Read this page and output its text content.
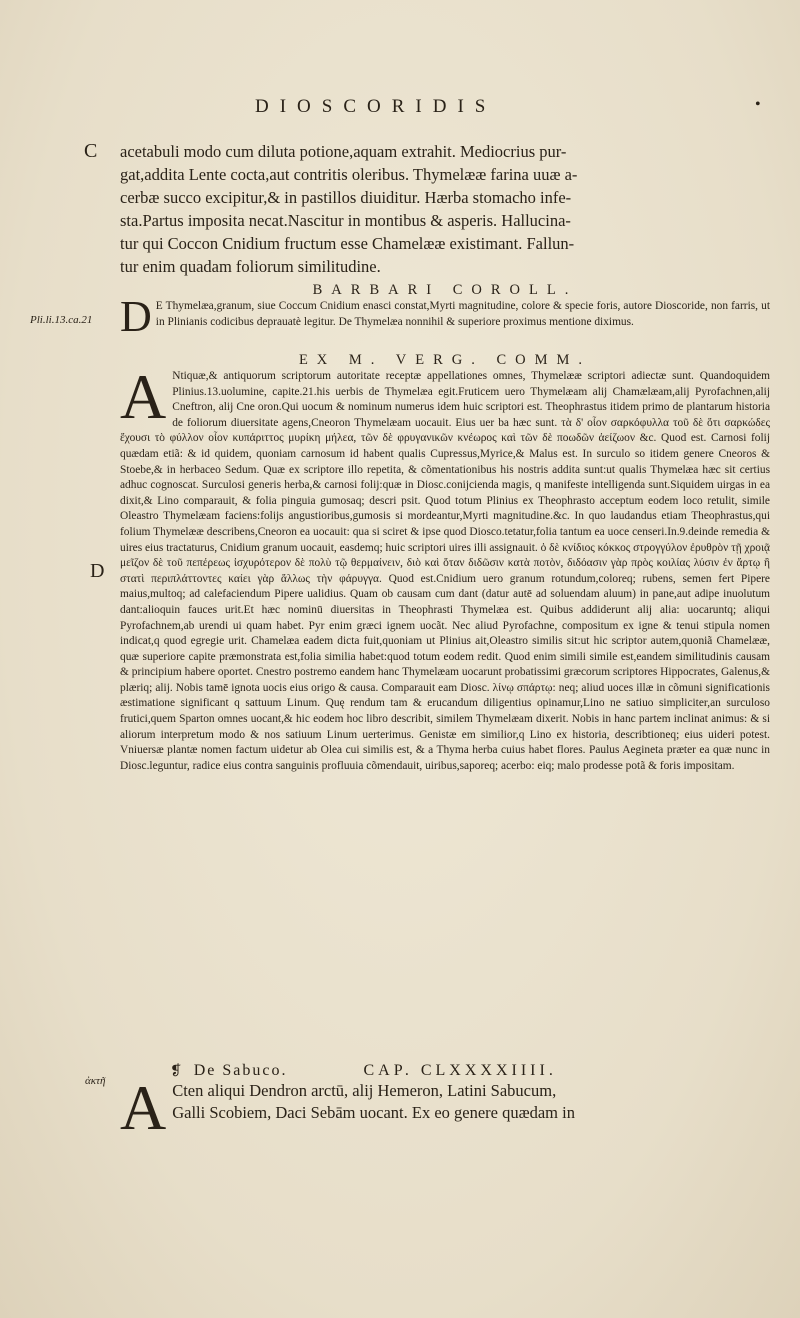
DIOSCORIDIS	•
C
D
Pli.li.13.ca.21
ἀκτῆ
acetabuli modo cum diluta potione,aquam extrahit. Mediocrius pur-
gat,addita Lente cocta,aut contritis oleribus. Thymelææ farina uuæ a-
cerbæ succo excipitur,& in pastillos diuiditur. Hærba stomacho infe-
sta.Partus imposita necat.Nascitur in montibus & asperis. Hallucina-
tur qui Coccon Cnidium fructum esse Chamelææ existimant. Fallun-
tur enim quadam foliorum similitudine.

BARBARI COROLL.

D E Thymelæa,granum, siue Coccum Cnidium enasci constat,Myrti magnitudine, colore & specie foris, autore Dioscoride, non farris, ut in Plinianis codicibus deprauatè legitur. De Thymelæa nonnihil & superiore proximus mentione diximus.

EX M. VERG. COMM.

A Ntiquæ,& antiquorum scriptorum autoritate receptæ appellationes omnes, Thymelææ scriptori adiectæ sunt. Quandoquidem Plinius.13.uolumine, capite.21.his uerbis de Thymelæa egit.Fruticem uero Thymelæam alij Chamælæam,alij Pyrofachnen,alij Cneftron, alij Cne oron.Qui uocum & nominum numerus idem huic scriptori est. Theophrastus itidem primo de plantarum historia de foliorum diuersitate agens,Cneoron Thymelæam uocauit. Eius uer ba hæc sunt. τὰ δ' οἷον σαρκόφυλλα τοῦ δὲ ὅτι σαρκώδες ἔχουσι τὸ φύλλον οἷον κυπάριττος μυρίκη μήλεα, τῶν δὲ φρυγανικῶν κνέωρος καὶ τῶν δὲ ποωδῶν ἀείζωον &c. Quod est. Carnosi folij quædam etiã: & id quidem, quoniam carnosum id habent qualis Cupressus,Myrice,& Malus est. In surculo so itidem genere Cneoros & Stoebe,& in herbaceo Sedum. Quæ ex scriptore illo repetita, & cõmentationibus his nostris addita sunt:ut qualis Thymelæa hæc sit certius adhuc cognoscat. Surculosi generis herba,& carnosi folij:quæ in Diosc.conijcienda magis, q manifeste intelligenda sunt.Siquidem uirgas in ea dixit,& Lino comparauit, & folia pinguia gumosaq; descri psit. Quod totum Plinius ex Theophrasto acceptum eodem loco retulit, simile Oleastro Thymelæam faciens:folijs angustioribus,gumosis si mordeantur,Myrti magnitudine.&c. In quo laudandus etiam Theophrastus,qui folium Thymelææ describens,Cneoron ea uocauit: qua si sciret & ipse quod Diosco.tetatur,folia tantum ea uoce censeri.In.9.deinde remedia & uires eius tractaturus, Cnidium granum uocauit, easdemq; huic scriptori uires illi assignauit. ὁ δὲ κνίδιος κόκκος στρογγύλον ἐρυθρὸν τῇ χροιᾷ μεῖζον δὲ τοῦ πεπέρεως ἰσχυρότερον δὲ πολὺ τῷ θερμαίνειν, διὸ καὶ ὅταν διδῶσιν κατὰ ποτὸν, διδόασιν γὰρ πρὸς κοιλίας λύσιν ἐν ἄρτῳ ἢ στατὶ περιπλάττοντες καίει γὰρ ἄλλως τὴν φάρυγγα. Quod est.Cnidium uero granum rotundum,coloreq; rubens, semen fert Pipere maius,multoq; ad calefaciendum Pipere ualidius. Quam ob causam cum dant (datur autē ad soluendam aluum) in pane,aut adipe inuolutum dant:alioquin fauces urit.Et hæc nominū diuersitas in Theophrasti Thymelæa est. Quibus addiderunt alij alia: uocaruntq; aliqui Pyrofachnem,ab urendi ui quam habet. Pyr enim græci ignem uocãt. Nec aliud Pyrofachne, compositum ex igne & tenui stipula nomen indicat,q quod egregie urit. Chamelæa eadem dicta fuit,quoniam ut Plinius ait,Oleastro similis sit:ut hic scriptor autem,quoniã Chamelææ, quæ superiore capite præmonstrata est,folia similia habet:quod totum eodem redit. Quod enim simili simile est,eandem similitudinis causam & principium habere oportet. Cnestro postremo eandem hanc Thymelæam uocarunt probatissimi græcorum scriptores Hippocrates, Galenus,& plæriq; alij. Nobis tamē ignota uocis eius origo & causa. Comparauit eam Diosc. λίνῳ σπάρτῳ: neq; aliud uoces illæ in cõmuni significationis æstimatione significant q sattuum Linum. Quę rendum tam & erucandum diligentius opinamur,Lino ne satiuo simpliciter,an surculoso frutici,quem Sparton omnes uocant,& hic eodem hoc libro describit, similem Thymelæam dixerit. Nobis in hanc partem inclinat animus: & si aliorum interpretum modo & nos satiuum Linum uerterimus. Genistæ em similior,q Lino ex historia, describtioneq; eius uideri potest. Vniuersæ plantæ nomen factum uidetur ab Olea cui similis est, & a Thyma herba cuius habet flores. Paulus Aegineta præter ea quæ nunc in Diosc.leguntur, radice eius contra sanguinis profluuia cõmendauit, uiribus,saporeq; acerbo: eiq; malo prodesse potã & foris impositam.

❡ De Sabuco.	CAP. CLXXXXIIII.

A Cten aliqui Dendron arctū, alij Hemeron, Latini Sabucum,

Galli Scobiem, Daci Sebām uocant. Ex eo genere quædam in
